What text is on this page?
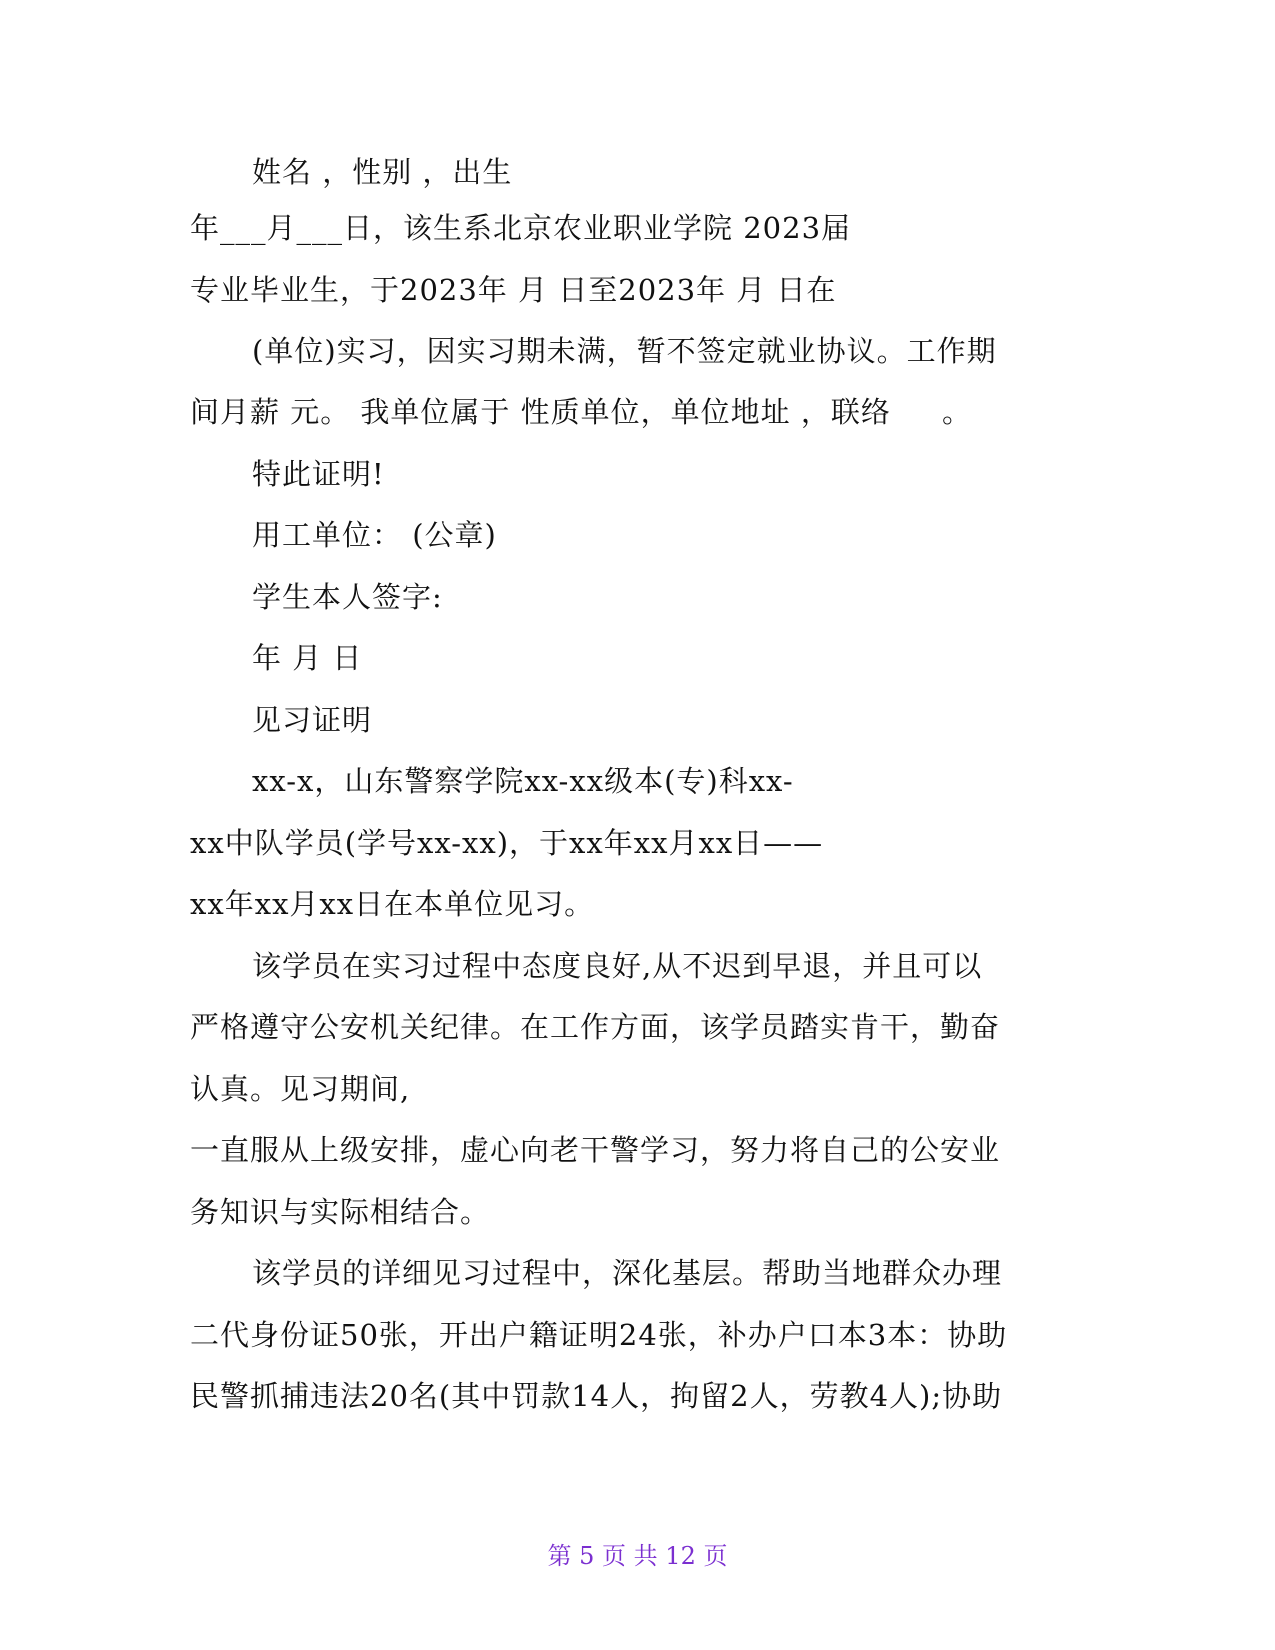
姓名 ，性别 ，出生
年___月___日，该生系北京农业职业学院 2023届
专业毕业生，于2023年 月 日至2023年 月 日在
(单位)实习，因实习期未满，暂不签定就业协议。工作期
间月薪 元。 我单位属于 性质单位，单位地址 ，联络     。
特此证明!
用工单位： (公章)
学生本人签字:
年 月 日
见习证明
xx-x，山东警察学院xx-xx级本(专)科xx-
xx中队学员(学号xx-xx)，于xx年xx月xx日——
xx年xx月xx日在本单位见习。
该学员在实习过程中态度良好,从不迟到早退，并且可以
严格遵守公安机关纪律。在工作方面，该学员踏实肯干，勤奋
认真。见习期间,
一直服从上级安排，虚心向老干警学习，努力将自己的公安业
务知识与实际相结合。
该学员的详细见习过程中，深化基层。帮助当地群众办理
二代身份证50张，开出户籍证明24张，补办户口本3本：协助
民警抓捕违法20名(其中罚款14人，拘留2人，劳教4人);协助
第 5 页 共 12 页
